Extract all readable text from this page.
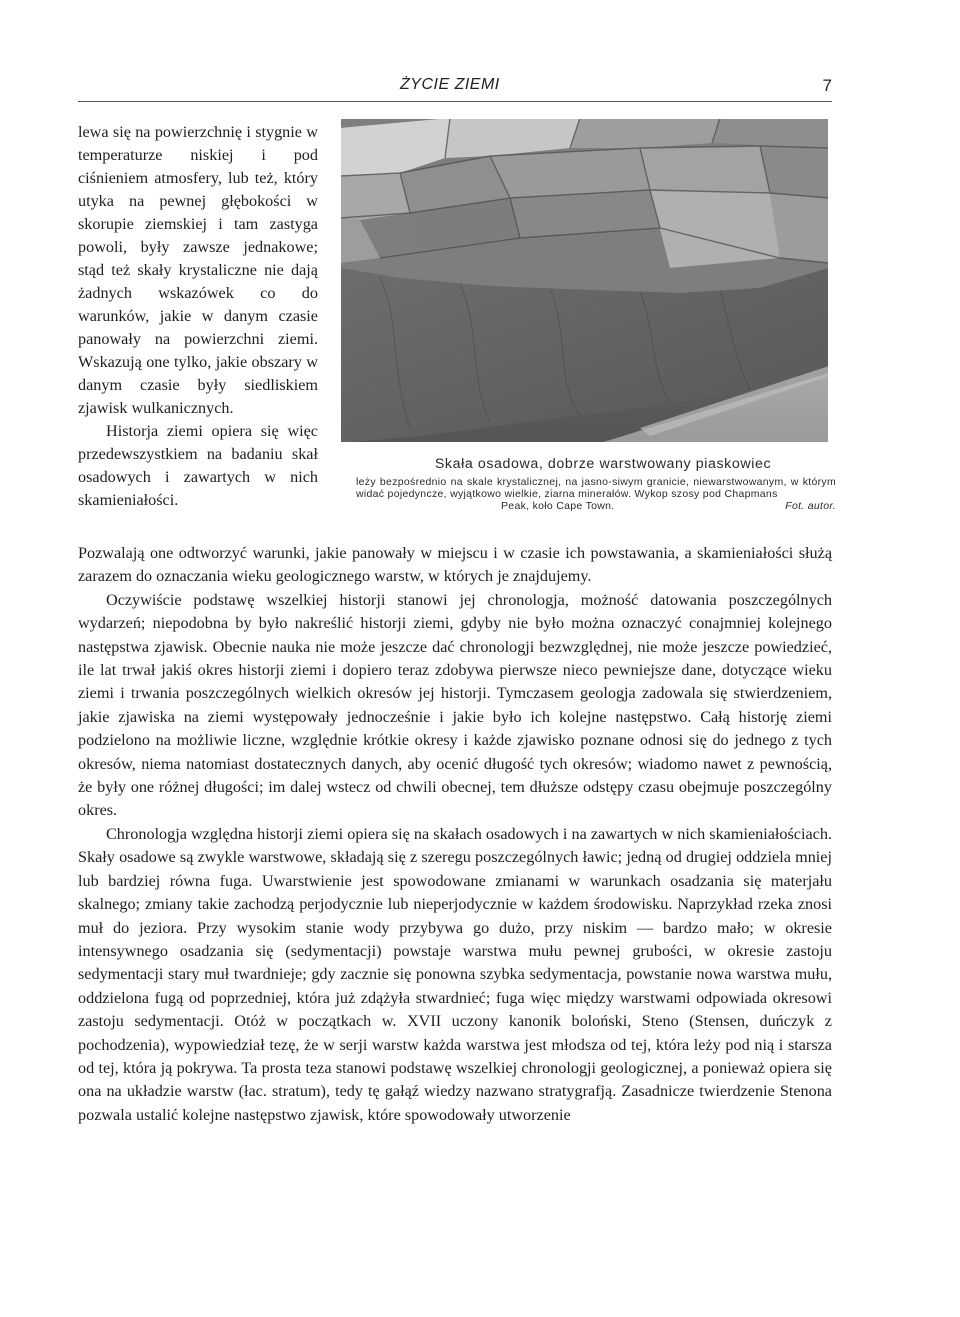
ŻYCIE ZIEMI	7

Skała osadowa, dobrze warstwowany piaskowiec

leży bezpośrednio na skale krystalicznej, na jasno-siwym granicie, niewarstwowanym, w którym widać pojedyncze, wyjątkowo wielkie, ziarna minerałów. Wykop szosy pod Chapmans

Peak, koło Cape Town.	Fot. autor.

lewa się na powierzchnię i stygnie w temperaturze niskiej i pod ciśnieniem atmosfery, lub też, który utyka na pewnej głębokości w skorupie ziemskiej i tam zastyga powoli, były zawsze jednakowe; stąd też skały krystaliczne nie dają żadnych wskazówek co do warunków, jakie w danym czasie panowały na powierzchni ziemi. Wskazują one tylko, jakie obszary w danym czasie były siedliskiem zjawisk wulkanicznych.

Historja ziemi opiera się więc przedewszystkiem na badaniu skał osadowych i zawartych w nich skamieniałości.

Pozwalają one odtworzyć warunki, jakie panowały w miejscu i w czasie ich powstawania, a skamieniałości służą zarazem do oznaczania wieku geologicznego warstw, w których je znajdujemy.

Oczywiście podstawę wszelkiej historji stanowi jej chronologja, możność datowania poszczególnych wydarzeń; niepodobna by było nakreślić historji ziemi, gdyby nie było można oznaczyć conajmniej kolejnego następstwa zjawisk. Obecnie nauka nie może jeszcze dać chronologji bezwzględnej, nie może jeszcze powiedzieć, ile lat trwał jakiś okres historji ziemi i dopiero teraz zdobywa pierwsze nieco pewniejsze dane, dotyczące wieku ziemi i trwania poszczególnych wielkich okresów jej historji. Tymczasem geologja zadowala się stwierdzeniem, jakie zjawiska na ziemi występowały jednocześnie i jakie było ich kolejne następstwo. Całą historję ziemi podzielono na możliwie liczne, względnie krótkie okresy i każde zjawisko poznane odnosi się do jednego z tych okresów, niema natomiast dostatecznych danych, aby ocenić długość tych okresów; wiadomo nawet z pewnością, że były one różnej długości; im dalej wstecz od chwili obecnej, tem dłuższe odstępy czasu obejmuje poszczególny okres.

Chronologja względna historji ziemi opiera się na skałach osadowych i na zawartych w nich skamieniałościach. Skały osadowe są zwykle warstwowe, składają się z szeregu poszczególnych ławic; jedną od drugiej oddziela mniej lub bardziej równa fuga. Uwarstwienie jest spowodowane zmianami w warunkach osadzania się materjału skalnego; zmiany takie zachodzą perjodycznie lub nieperjodycznie w każdem środowisku. Naprzykład rzeka znosi muł do jeziora. Przy wysokim stanie wody przybywa go dużo, przy niskim — bardzo mało; w okresie intensywnego osadzania się (sedymentacji) powstaje warstwa mułu pewnej grubości, w okresie zastoju sedymentacji stary muł twardnieje; gdy zacznie się ponowna szybka sedymentacja, powstanie nowa warstwa mułu, oddzielona fugą od poprzedniej, która już zdążyła stwardnieć; fuga więc między warstwami odpowiada okresowi zastoju sedymentacji. Otóż w początkach w. XVII uczony kanonik boloński, Steno (Stensen, duńczyk z pochodzenia), wypowiedział tezę, że w serji warstw każda warstwa jest młodsza od tej, która leży pod nią i starsza od tej, która ją pokrywa. Ta prosta teza stanowi podstawę wszelkiej chronologji geologicznej, a ponieważ opiera się ona na układzie warstw (łac. stratum), tedy tę gałąź wiedzy nazwano stratygrafją. Zasadnicze twierdzenie Stenona pozwala ustalić kolejne następstwo zjawisk, które spowodowały utworzenie
